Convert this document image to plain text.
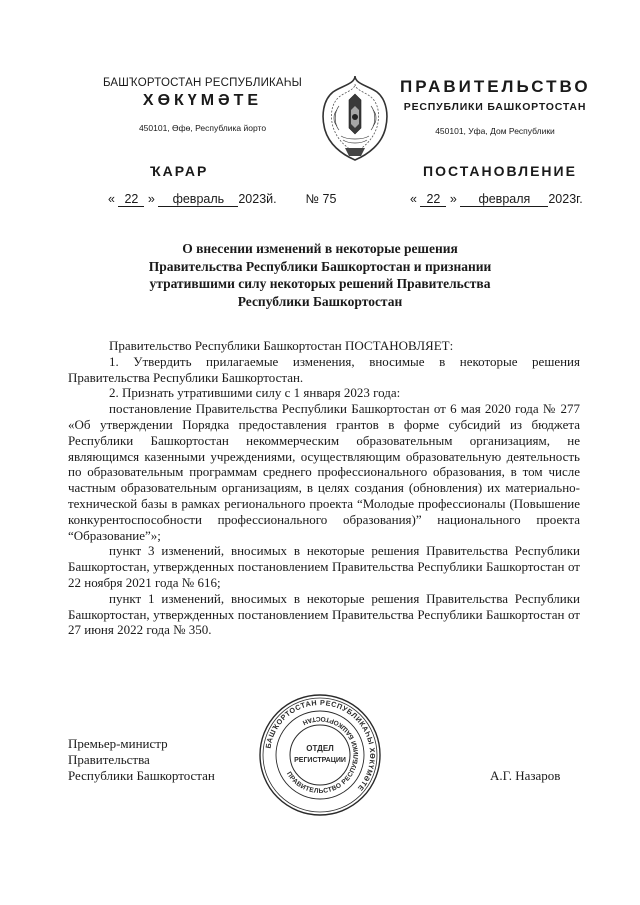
БАШҠОРТОСТАН РЕСПУБЛИКАҺЫ
ХӨКҮМӘТЕ
450101, Өфө, Республика йорто
ПРАВИТЕЛЬСТВО
РЕСПУБЛИКИ БАШКОРТОСТАН
450101, Уфа, Дом Республики
ҠАРАР	ПОСТАНОВЛЕНИЕ
« 22 » февраль 2023й. № 75	« 22 » февраля 2023г.
О внесении изменений в некоторые решения
Правительства Республики Башкортостан и признании
утратившими силу некоторых решений Правительства
Республики Башкортостан

Правительство Республики Башкортостан ПОСТАНОВЛЯЕТ:

1. Утвердить прилагаемые изменения, вносимые в некоторые решения Правительства Республики Башкортостан.

2. Признать утратившими силу с 1 января 2023 года:

постановление Правительства Республики Башкортостан от 6 мая 2020 года № 277 «Об утверждении Порядка предоставления грантов в форме субсидий из бюджета Республики Башкортостан некоммерческим образовательным организациям, не являющимся казенными учреждениями, осуществляющим образовательную деятельность по образовательным программам среднего профессионального образования, в том числе частным образовательным организациям, в целях создания (обновления) их материально-технической базы в рамках регионального проекта “Молодые профессионалы (Повышение конкурентоспособности профессионального образования)” национального проекта “Образование”»;

пункт 3 изменений, вносимых в некоторые решения Правительства Республики Башкортостан, утвержденных постановлением Правительства Республики Башкортостан от 22 ноября 2021 года № 616;

пункт 1 изменений, вносимых в некоторые решения Правительства Республики Башкортостан, утвержденных постановлением Правительства Республики Башкортостан от 27 июня 2022 года № 350.

Премьер-министр
Правительства
Республики Башкортостан	А.Г. Назаров
БАШҠОРТОСТАН РЕСПУБЛИКАҺЫ ХӨКҮМӘТЕ
ПРАВИТЕЛЬСТВО РЕСПУБЛИКИ БАШКОРТОСТАН
ОТДЕЛ
РЕГИСТРАЦИИ
